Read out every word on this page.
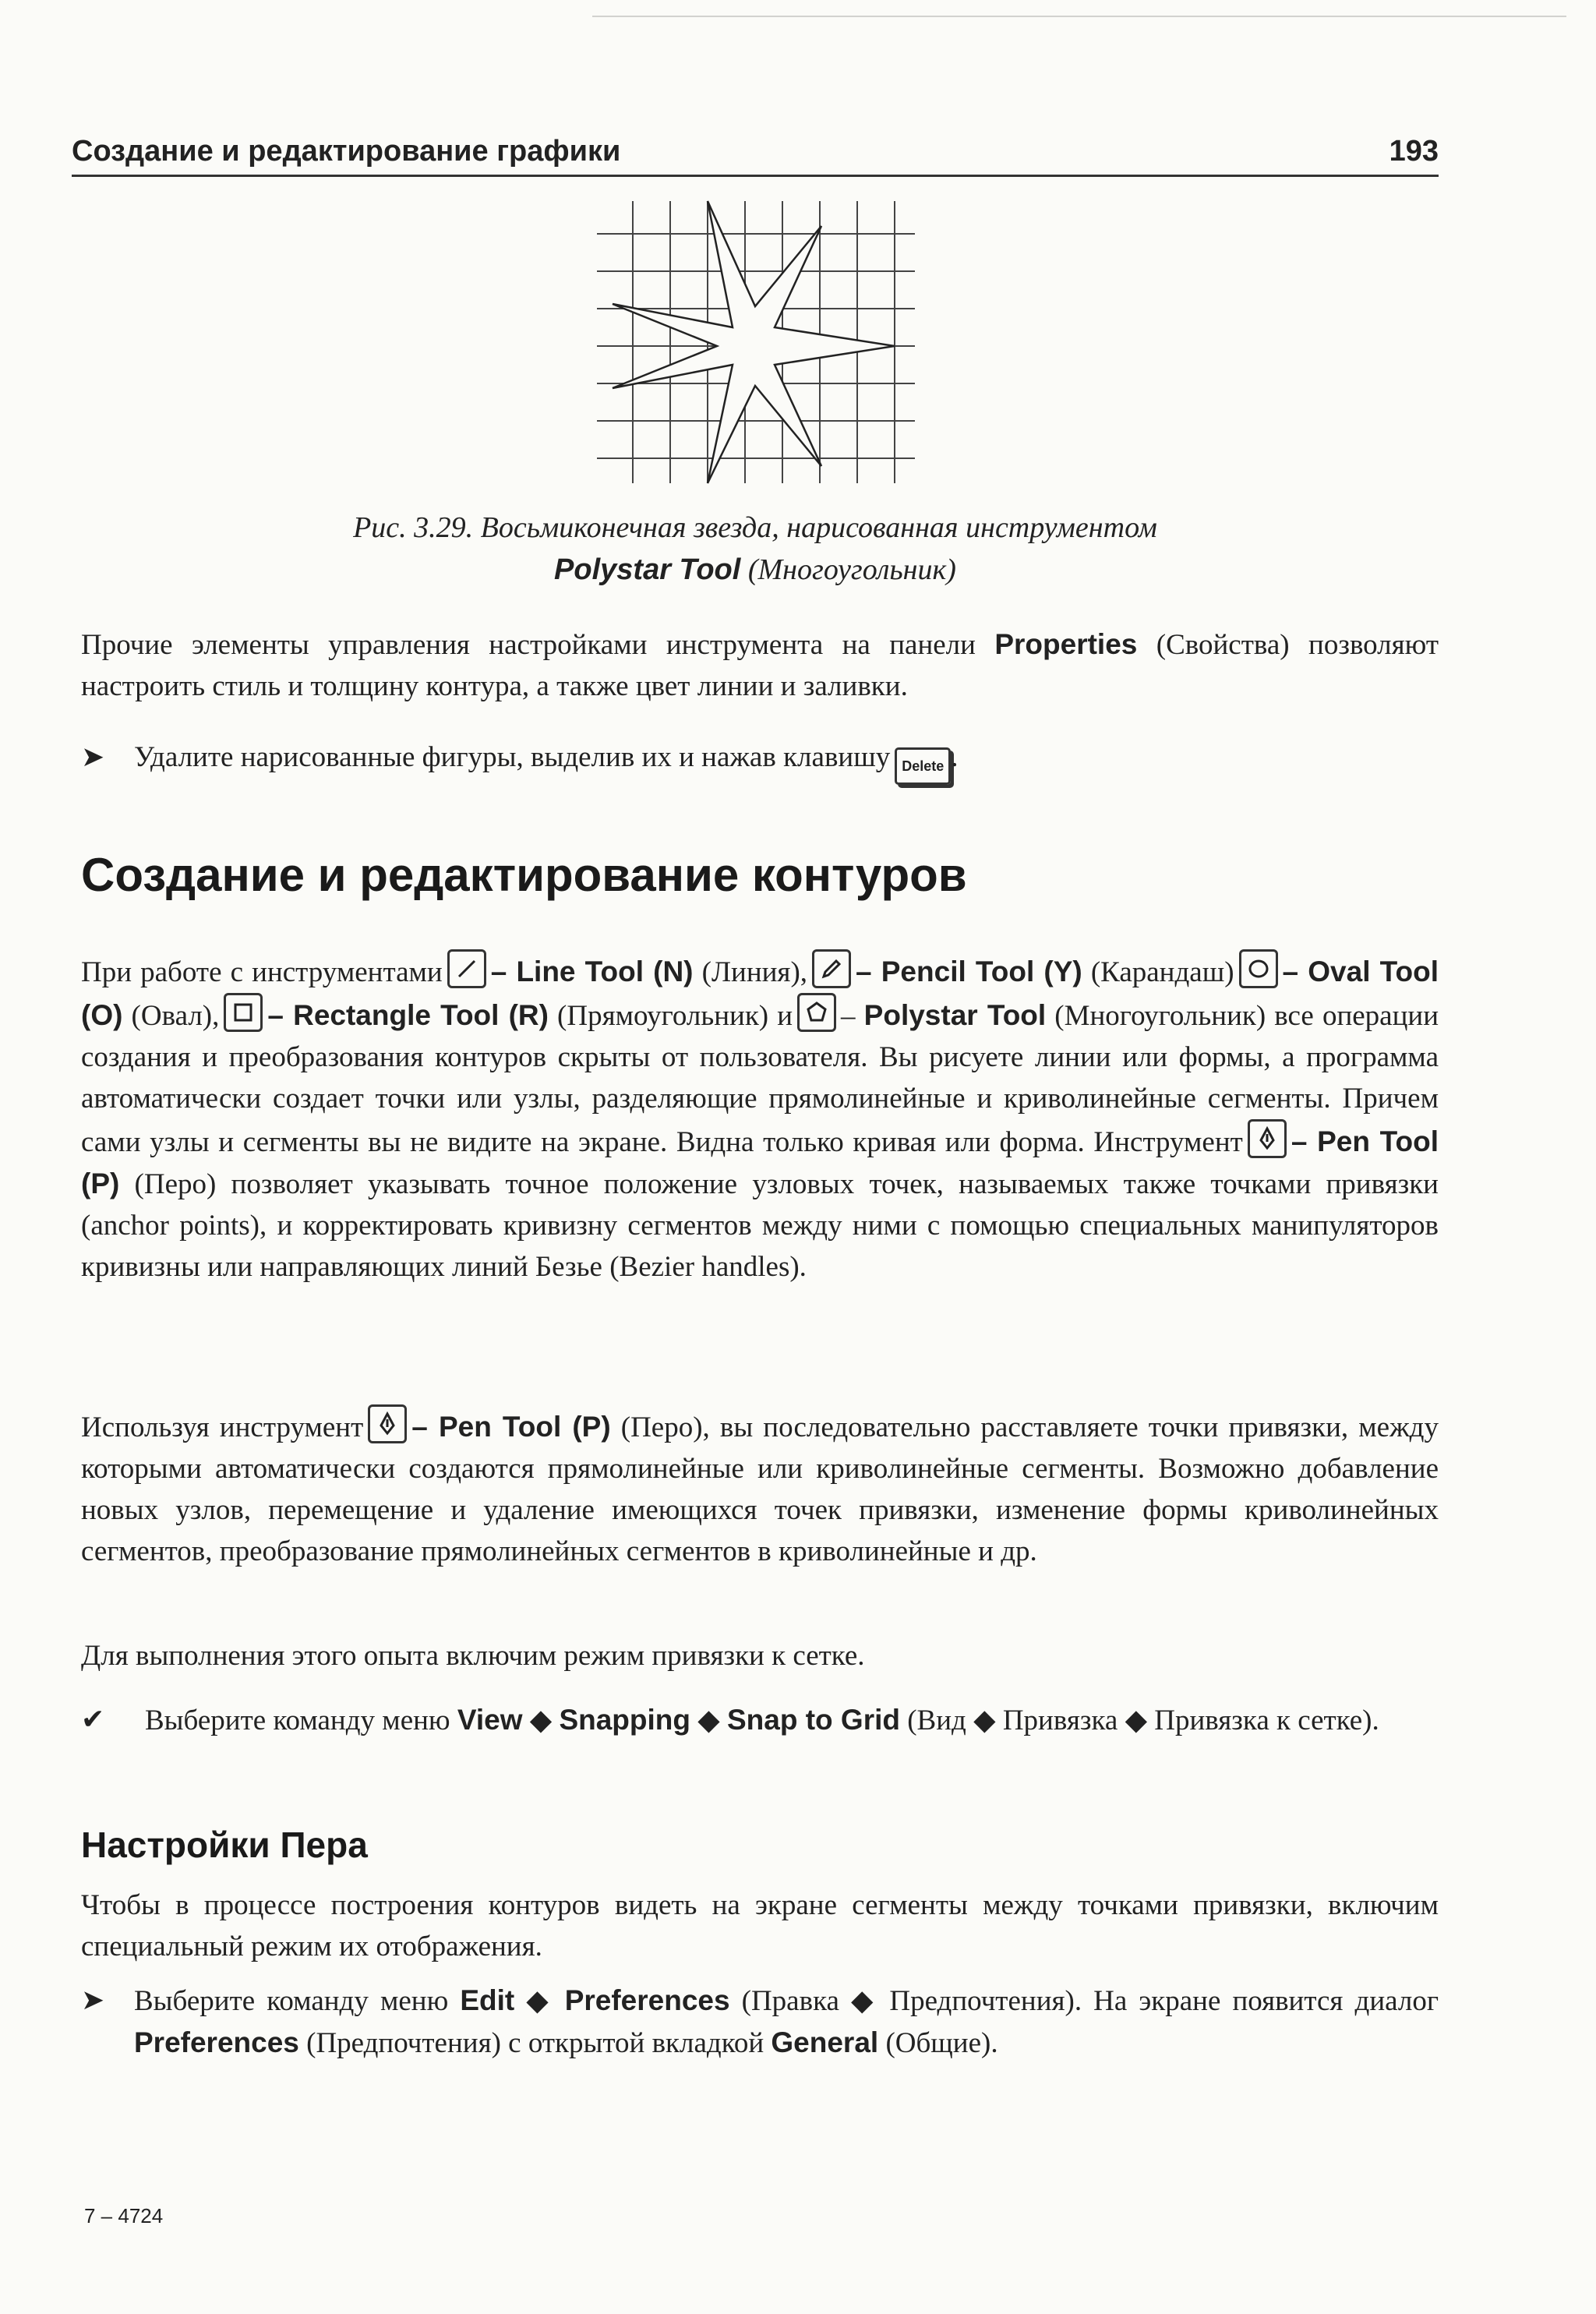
Создание и редактирование графики	193
Рис. 3.29. Восьмиконечная звезда, нарисованная инструментом
Polystar Tool (Многоугольник)
Прочие элементы управления настройками инструмента на панели Properties (Свойства) позволяют настроить стиль и толщину контура, а также цвет линии и заливки.
➤ Удалите нарисованные фигуры, выделив их и нажав клавишу Delete .
Создание и редактирование контуров
При работе с инструментами – Line Tool (N) (Линия), – Pencil Tool (Y) (Карандаш) – Oval Tool (O) (Овал), – Rectangle Tool (R) (Прямоугольник) и – Polystar Tool (Многоугольник) все операции создания и преобразования контуров скрыты от пользователя. Вы рисуете линии или формы, а программа автоматически создает точки или узлы, разделяющие прямолинейные и криволинейные сегменты. Причем сами узлы и сегменты вы не видите на экране. Видна только кривая или форма. Инструмент – Pen Tool (P) (Перо) позволяет указывать точное положение узловых точек, называемых также точками привязки (anchor points), и корректировать кривизну сегментов между ними с помощью специальных манипуляторов кривизны или направляющих линий Безье (Bezier handles).
Используя инструмент – Pen Tool (P) (Перо), вы последовательно расставляете точки привязки, между которыми автоматически создаются прямолинейные или криволинейные сегменты. Возможно добавление новых узлов, перемещение и удаление имеющихся точек привязки, изменение формы криволинейных сегментов, преобразование прямолинейных сегментов в криволинейные и др.
Для выполнения этого опыта включим режим привязки к сетке.
✔ Выберите команду меню View ◆ Snapping ◆ Snap to Grid (Вид ◆ Привязка ◆ Привязка к сетке).
Настройки Пера
Чтобы в процессе построения контуров видеть на экране сегменты между точками привязки, включим специальный режим их отображения.
➤ Выберите команду меню Edit ◆ Preferences (Правка ◆ Предпочтения). На экране появится диалог Preferences (Предпочтения) с открытой вкладкой General (Общие).
7 – 4724
